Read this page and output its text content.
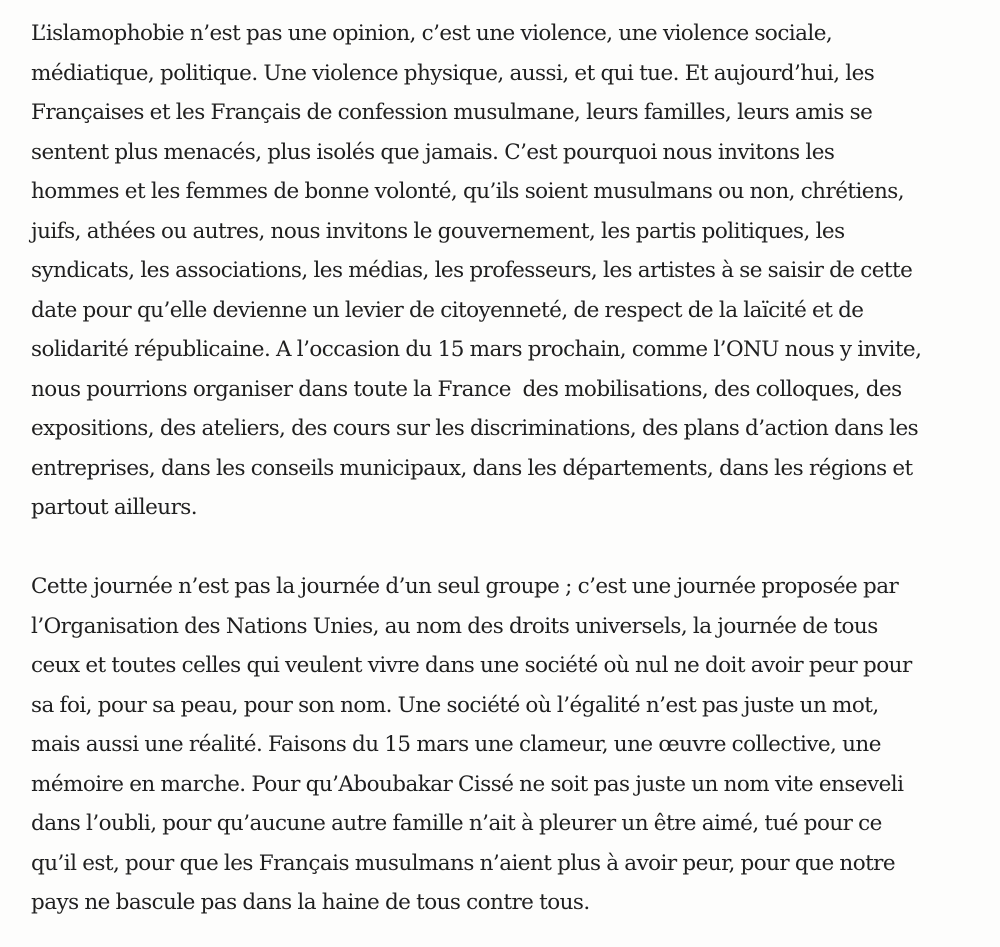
L’islamophobie n’est pas une opinion, c’est une violence, une violence sociale,
médiatique, politique. Une violence physique, aussi, et qui tue. Et aujourd’hui, les
Françaises et les Français de confession musulmane, leurs familles, leurs amis se
sentent plus menacés, plus isolés que jamais. C’est pourquoi nous invitons les
hommes et les femmes de bonne volonté, qu’ils soient musulmans ou non, chrétiens,
juifs, athées ou autres, nous invitons le gouvernement, les partis politiques, les
syndicats, les associations, les médias, les professeurs, les artistes à se saisir de cette
date pour qu’elle devienne un levier de citoyenneté, de respect de la laïcité et de
solidarité républicaine. A l’occasion du 15 mars prochain, comme l’ONU nous y invite,
nous pourrions organiser dans toute la France  des mobilisations, des colloques, des
expositions, des ateliers, des cours sur les discriminations, des plans d’action dans les
entreprises, dans les conseils municipaux, dans les départements, dans les régions et
partout ailleurs.
Cette journée n’est pas la journée d’un seul groupe ; c’est une journée proposée par
l’Organisation des Nations Unies, au nom des droits universels, la journée de tous
ceux et toutes celles qui veulent vivre dans une société où nul ne doit avoir peur pour
sa foi, pour sa peau, pour son nom. Une société où l’égalité n’est pas juste un mot,
mais aussi une réalité. Faisons du 15 mars une clameur, une œuvre collective, une
mémoire en marche. Pour qu’Aboubakar Cissé ne soit pas juste un nom vite enseveli
dans l’oubli, pour qu’aucune autre famille n’ait à pleurer un être aimé, tué pour ce
qu’il est, pour que les Français musulmans n’aient plus à avoir peur, pour que notre
pays ne bascule pas dans la haine de tous contre tous.
